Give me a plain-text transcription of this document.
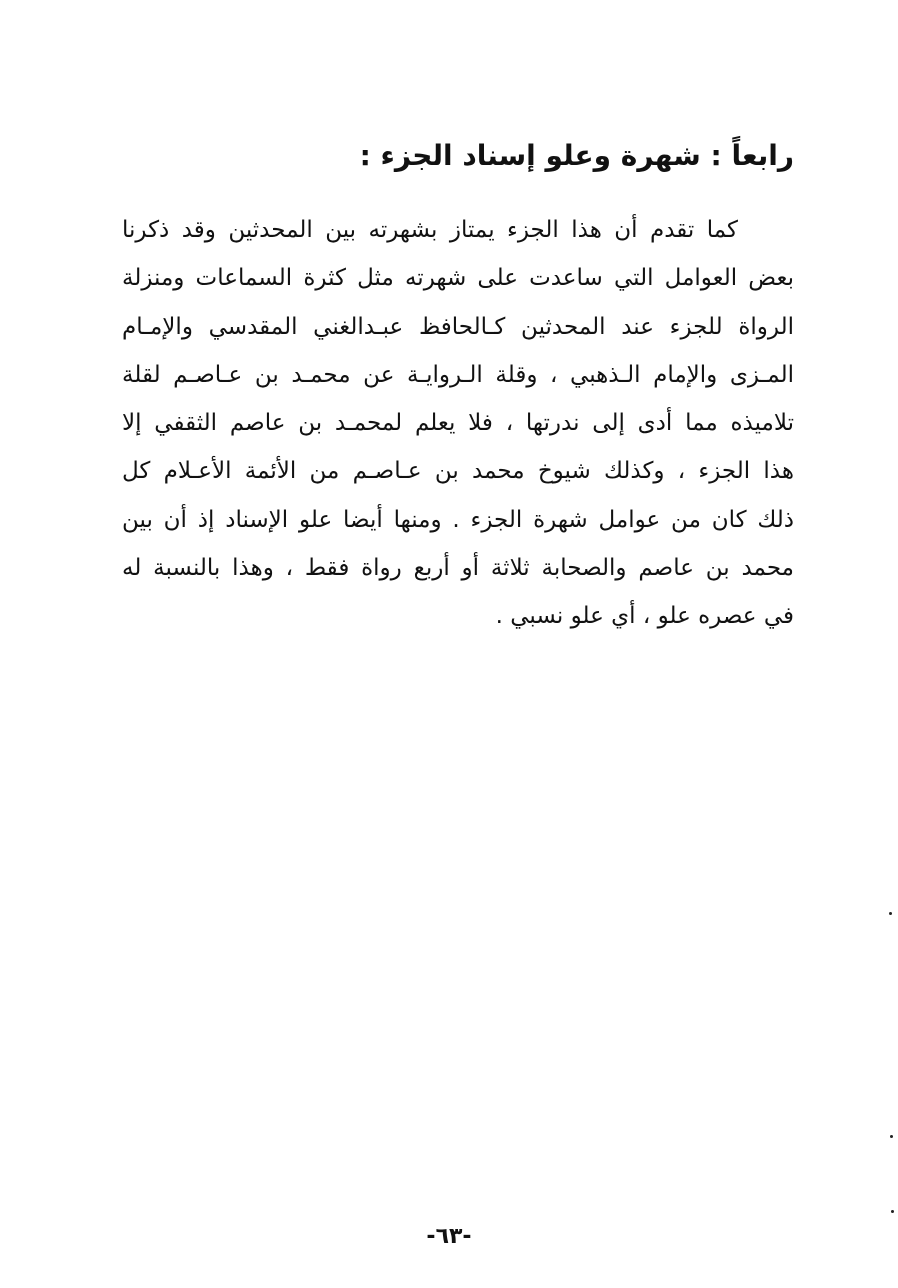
رابعاً : شهرة وعلو إسناد الجزء :
كما تقدم أن هذا الجزء يمتاز بشهرته بين المحدثين وقد ذكرنا
بعض العوامل التي ساعدت على شهرته مثل كثرة السماعات ومنزلة
الرواة للجزء عند المحدثين كـالحافظ عبـدالغني المقدسي والإمـام
المـزى والإمام الـذهبي ، وقلة الـروايـة عن محمـد بن عـاصـم لقلة
تلاميذه مما أدى إلى ندرتها ، فلا يعلم لمحمـد بن عاصم الثقفي إلا
هذا الجزء ، وكذلك شيوخ محمد بن عـاصـم من الأئمة الأعـلام كل
ذلك كان من عوامل شهرة الجزء . ومنها أيضا علو الإسناد إذ أن بين
محمد بن عاصم والصحابة ثلاثة أو أربع رواة فقط ، وهذا بالنسبة له
في عصره علو ، أي علو نسبي .
-٦٣-
